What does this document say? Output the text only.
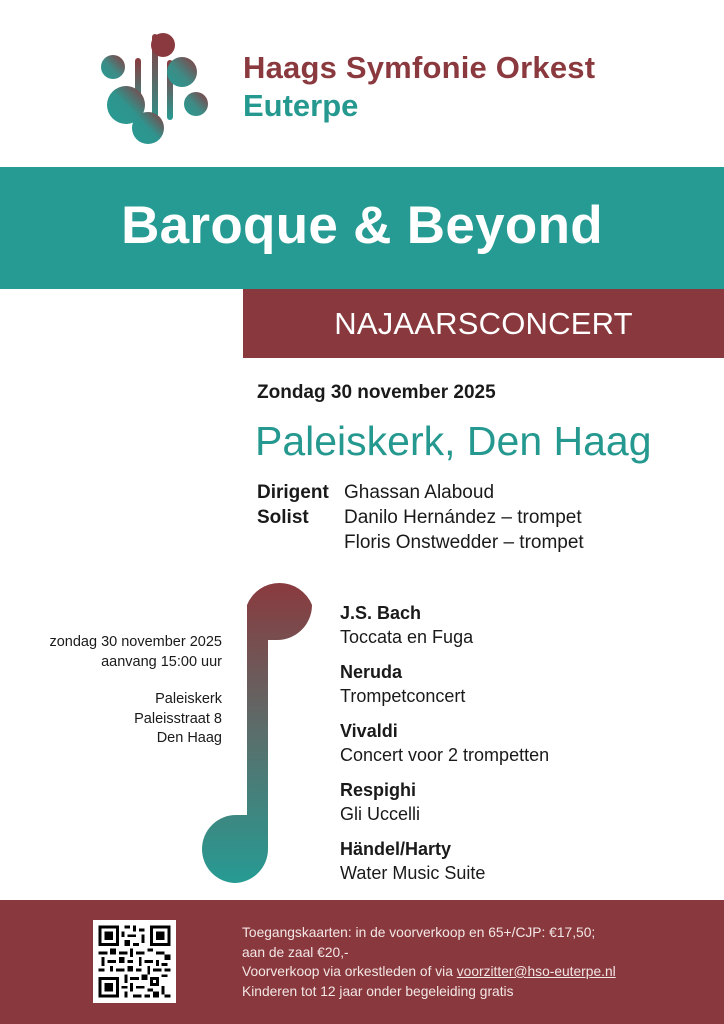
Haags Symfonie Orkest
Euterpe
Baroque & Beyond
NAJAARSCONCERT
Zondag 30 november 2025
Paleiskerk, Den Haag
Dirigent Ghassan Alaboud
Solist Danilo Hernández – trompet
Floris Onstwedder – trompet
zondag 30 november 2025
aanvang 15:00 uur
Paleiskerk
Paleisstraat 8
Den Haag
J.S. Bach
Toccata en Fuga
Neruda
Trompetconcert
Vivaldi
Concert voor 2 trompetten
Respighi
Gli Uccelli
Händel/Harty
Water Music Suite
Toegangskaarten: in de voorverkoop en 65+/CJP: €17,50;
aan de zaal €20,-
Voorverkoop via orkestleden of via voorzitter@hso-euterpe.nl
Kinderen tot 12 jaar onder begeleiding gratis
